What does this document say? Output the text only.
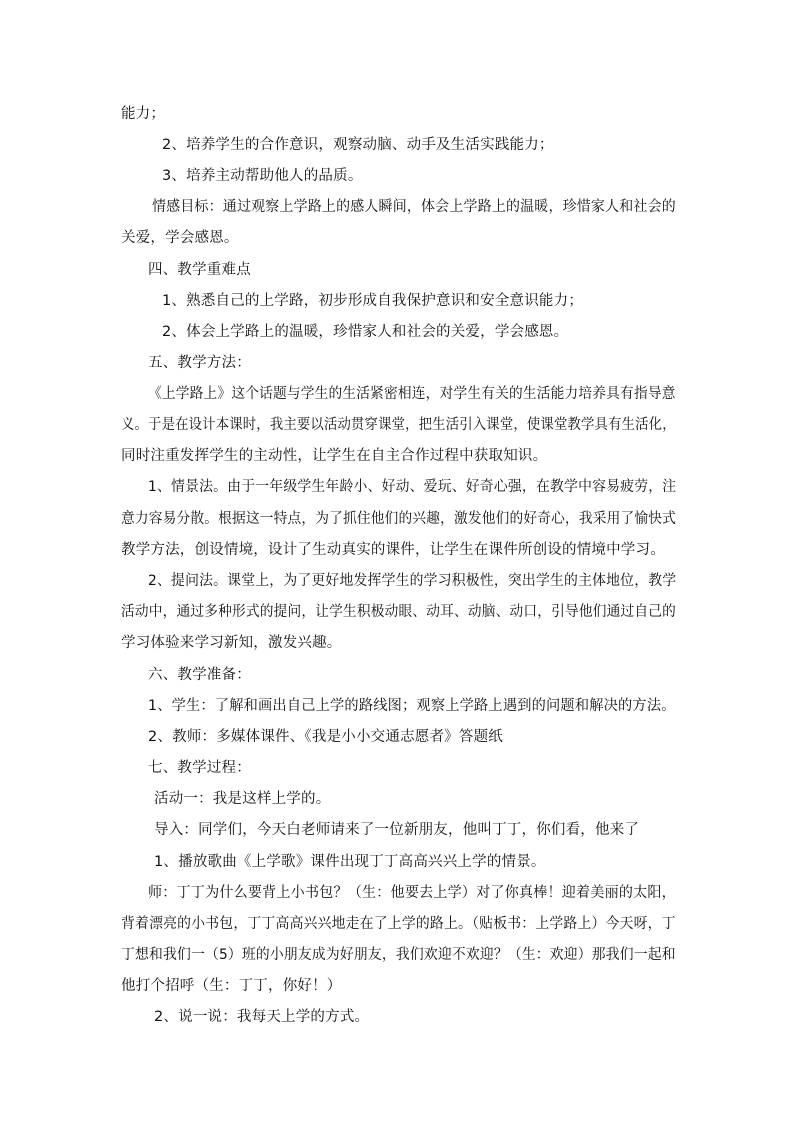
能力；
2、培养学生的合作意识，观察动脑、动手及生活实践能力；
3、培养主动帮助他人的品质。
情感目标：通过观察上学路上的感人瞬间，体会上学路上的温暖，珍惜家人和社会的
关爱，学会感恩。
四、教学重难点
1、熟悉自己的上学路，初步形成自我保护意识和安全意识能力；
2、体会上学路上的温暖，珍惜家人和社会的关爱，学会感恩。
五、教学方法：
《上学路上》这个话题与学生的生活紧密相连，对学生有关的生活能力培养具有指导意
义。于是在设计本课时，我主要以活动贯穿课堂，把生活引入课堂，使课堂教学具有生活化，
同时注重发挥学生的主动性，让学生在自主合作过程中获取知识。
1、情景法。由于一年级学生年龄小、好动、爱玩、好奇心强，在教学中容易疲劳，注
意力容易分散。根据这一特点，为了抓住他们的兴趣，激发他们的好奇心，我采用了愉快式
教学方法，创设情境，设计了生动真实的课件，让学生在课件所创设的情境中学习。
2、提问法。课堂上，为了更好地发挥学生的学习积极性，突出学生的主体地位，教学
活动中，通过多种形式的提问，让学生积极动眼、动耳、动脑、动口，引导他们通过自己的
学习体验来学习新知，激发兴趣。
六、教学准备：
1、学生：了解和画出自己上学的路线图；观察上学路上遇到的问题和解决的方法。
2、教师：多媒体课件、《我是小小交通志愿者》答题纸
七、教学过程：
活动一：我是这样上学的。
导入：同学们，今天白老师请来了一位新朋友，他叫丁丁，你们看，他来了
1、播放歌曲《上学歌》课件出现丁丁高高兴兴上学的情景。
师：丁丁为什么要背上小书包？（生：他要去上学）对了你真棒！迎着美丽的太阳，
背着漂亮的小书包，丁丁高高兴兴地走在了上学的路上。（贴板书：上学路上）今天呀，丁
丁想和我们一（5）班的小朋友成为好朋友，我们欢迎不欢迎？（生：欢迎）那我们一起和
他打个招呼（生：丁丁，你好！）
2、说一说：我每天上学的方式。
